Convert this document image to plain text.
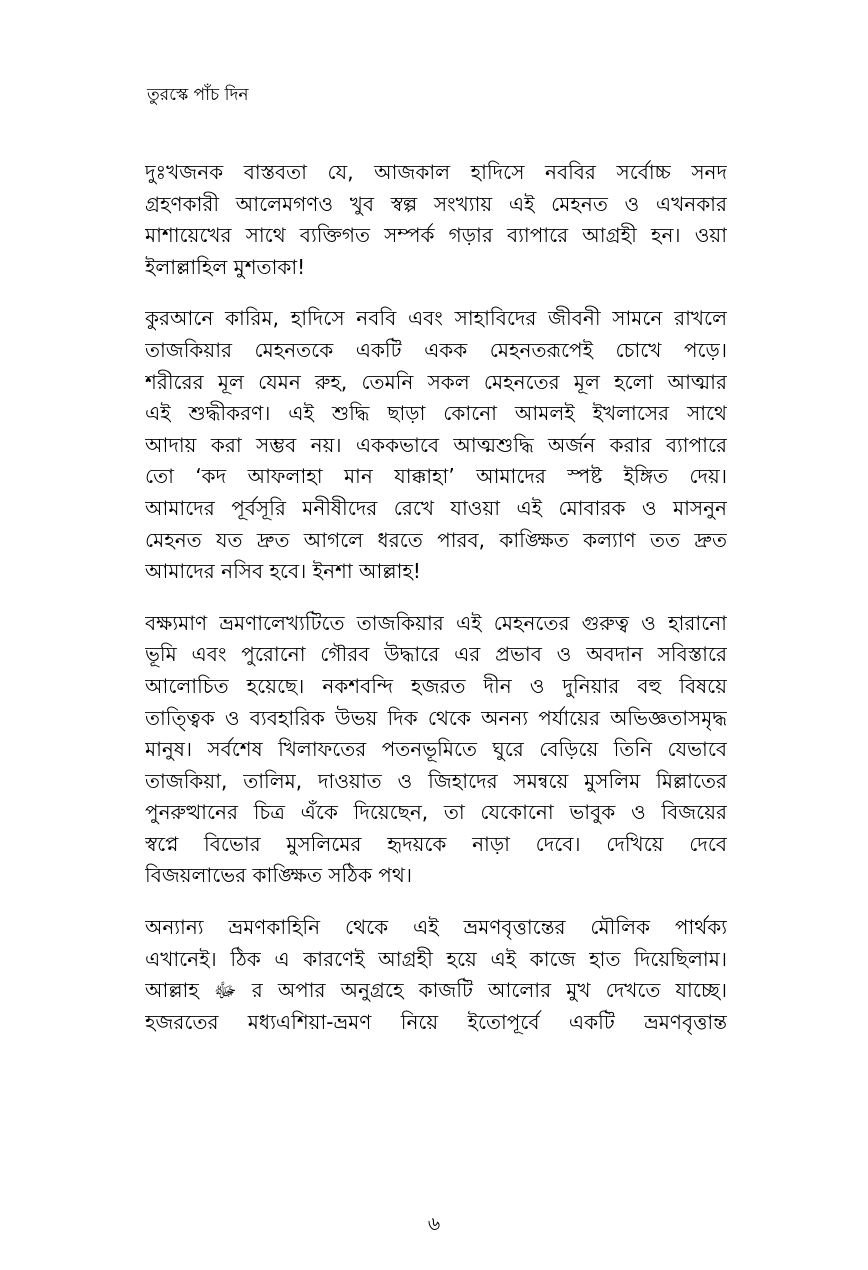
তুরস্কে পাঁচ দিন
দুঃখজনক বাস্তবতা যে, আজকাল হাদিসে নববির সর্বোচ্চ সনদ
গ্রহণকারী আলেমগণও খুব স্বল্প সংখ্যায় এই মেহনত ও এখনকার
মাশায়েখের সাথে ব্যক্তিগত সম্পর্ক গড়ার ব্যাপারে আগ্রহী হন। ওয়া
ইলাল্লাহিল মুশতাকা!
কুরআনে কারিম, হাদিসে নববি এবং সাহাবিদের জীবনী সামনে রাখলে
তাজকিয়ার মেহনতকে একটি একক মেহনতরূপেই চোখে পড়ে।
শরীরের মূল যেমন রুহ, তেমনি সকল মেহনতের মূল হলো আত্মার
এই শুদ্ধীকরণ। এই শুদ্ধি ছাড়া কোনো আমলই ইখলাসের সাথে
আদায় করা সম্ভব নয়। এককভাবে আত্মশুদ্ধি অর্জন করার ব্যাপারে
তো ‘কদ আফলাহা মান যাক্কাহা’ আমাদের স্পষ্ট ইঙ্গিত দেয়।
আমাদের পূর্বসূরি মনীষীদের রেখে যাওয়া এই মোবারক ও মাসনুন
মেহনত যত দ্রুত আগলে ধরতে পারব, কাঙ্ক্ষিত কল্যাণ তত দ্রুত
আমাদের নসিব হবে। ইনশা আল্লাহ!
বক্ষ্যমাণ ভ্রমণালেখ্যটিতে তাজকিয়ার এই মেহনতের গুরুত্ব ও হারানো
ভূমি এবং পুরোনো গৌরব উদ্ধারে এর প্রভাব ও অবদান সবিস্তারে
আলোচিত হয়েছে। নকশবন্দি হজরত দীন ও দুনিয়ার বহু বিষয়ে
তাত্ত্বিক ও ব্যবহারিক উভয় দিক থেকে অনন্য পর্যায়ের অভিজ্ঞতাসমৃদ্ধ
মানুষ। সর্বশেষ খিলাফতের পতনভূমিতে ঘুরে বেড়িয়ে তিনি যেভাবে
তাজকিয়া, তালিম, দাওয়াত ও জিহাদের সমন্বয়ে মুসলিম মিল্লাতের
পুনরুত্থানের চিত্র এঁকে দিয়েছেন, তা যেকোনো ভাবুক ও বিজয়ের
স্বপ্নে বিভোর মুসলিমের হৃদয়কে নাড়া দেবে। দেখিয়ে দেবে
বিজয়লাভের কাঙ্ক্ষিত সঠিক পথ।
অন্যান্য ভ্রমণকাহিনি থেকে এই ভ্রমণবৃত্তান্তের মৌলিক পার্থক্য
এখানেই। ঠিক এ কারণেই আগ্রহী হয়ে এই কাজে হাত দিয়েছিলাম।
আল্লাহ ﷻ র অপার অনুগ্রহে কাজটি আলোর মুখ দেখতে যাচ্ছে।
হজরতের মধ্যএশিয়া-ভ্রমণ নিয়ে ইতোপূর্বে একটি ভ্রমণবৃত্তান্ত
৬
